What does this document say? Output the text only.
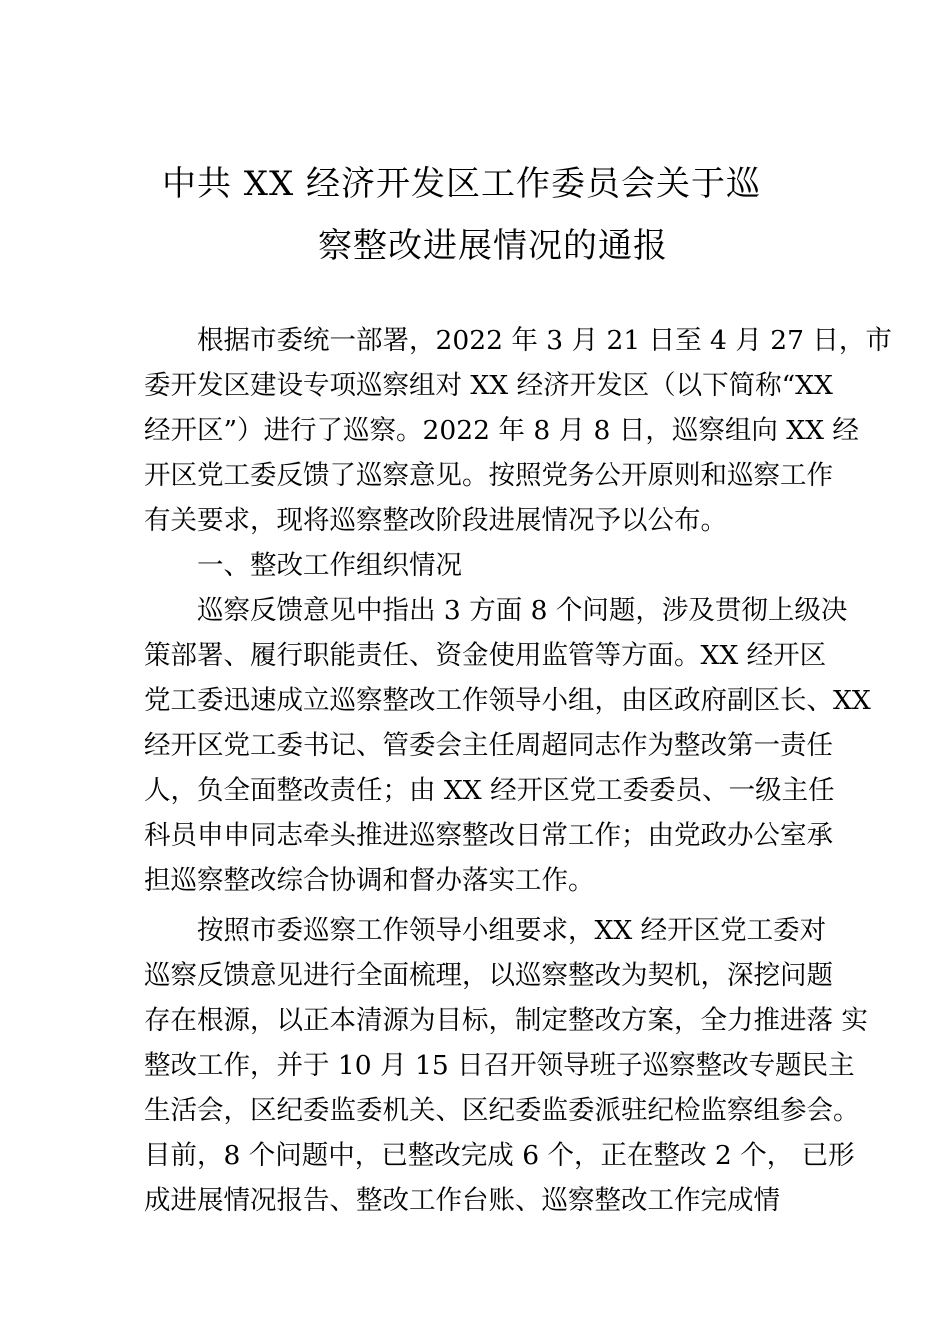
中共 XX 经济开发区工作委员会关于巡
察整改进展情况的通报
　　根据市委统一部署，2022 年 3 月 21 日至 4 月 27 日，市
委开发区建设专项巡察组对 XX 经济开发区（以下简称“XX
经开区”）进行了巡察。2022 年 8 月 8 日，巡察组向 XX 经
开区党工委反馈了巡察意见。按照党务公开原则和巡察工作
有关要求，现将巡察整改阶段进展情况予以公布。
　　一、整改工作组织情况
　　巡察反馈意见中指出 3 方面 8 个问题，涉及贯彻上级决
策部署、履行职能责任、资金使用监管等方面。XX 经开区
党工委迅速成立巡察整改工作领导小组，由区政府副区长、XX
经开区党工委书记、管委会主任周超同志作为整改第一责任
人，负全面整改责任；由 XX 经开区党工委委员、一级主任
科员申申同志牵头推进巡察整改日常工作；由党政办公室承
担巡察整改综合协调和督办落实工作。
　　按照市委巡察工作领导小组要求，XX 经开区党工委对
巡察反馈意见进行全面梳理，以巡察整改为契机，深挖问题
存在根源，以正本清源为目标，制定整改方案，全力推进落 实
整改工作，并于 10 月 15 日召开领导班子巡察整改专题民主
生活会，区纪委监委机关、区纪委监委派驻纪检监察组参会。
目前，8 个问题中，已整改完成 6 个，正在整改 2 个， 已形
成进展情况报告、整改工作台账、巡察整改工作完成情
